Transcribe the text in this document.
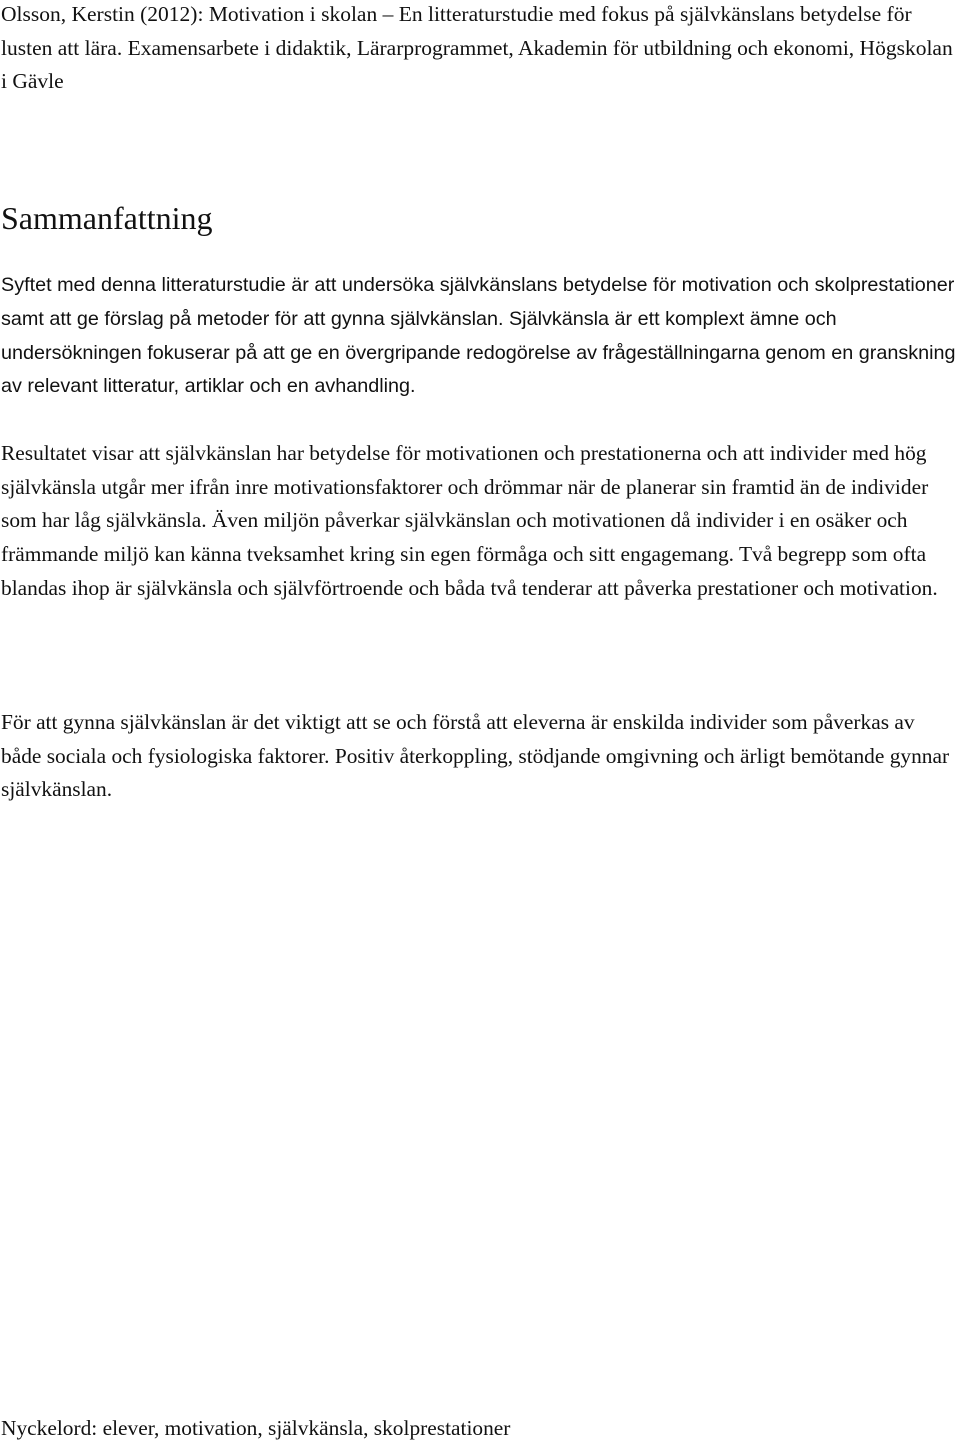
Olsson, Kerstin (2012): Motivation i skolan – En litteraturstudie med fokus på självkänslans betydelse för lusten att lära. Examensarbete i didaktik, Lärarprogrammet, Akademin för utbildning och ekonomi, Högskolan i Gävle

Sammanfattning

Syftet med denna litteraturstudie är att undersöka självkänslans betydelse för motivation och skolprestationer samt att ge förslag på metoder för att gynna självkänslan. Självkänsla är ett komplext ämne och undersökningen fokuserar på att ge en övergripande redogörelse av frågeställningarna genom en granskning av relevant litteratur, artiklar och en avhandling.

Resultatet visar att självkänslan har betydelse för motivationen och prestationerna och att individer med hög självkänsla utgår mer ifrån inre motivationsfaktorer och drömmar när de planerar sin framtid än de individer som har låg självkänsla. Även miljön påverkar självkänslan och motivationen då individer i en osäker och främmande miljö kan känna tveksamhet kring sin egen förmåga och sitt engagemang. Två begrepp som ofta blandas ihop är självkänsla och självförtroende och båda två tenderar att påverka prestationer och motivation.

För att gynna självkänslan är det viktigt att se och förstå att eleverna är enskilda individer som påverkas av både sociala och fysiologiska faktorer. Positiv återkoppling, stödjande omgivning och ärligt bemötande gynnar självkänslan.

Nyckelord: elever, motivation, självkänsla, skolprestationer
